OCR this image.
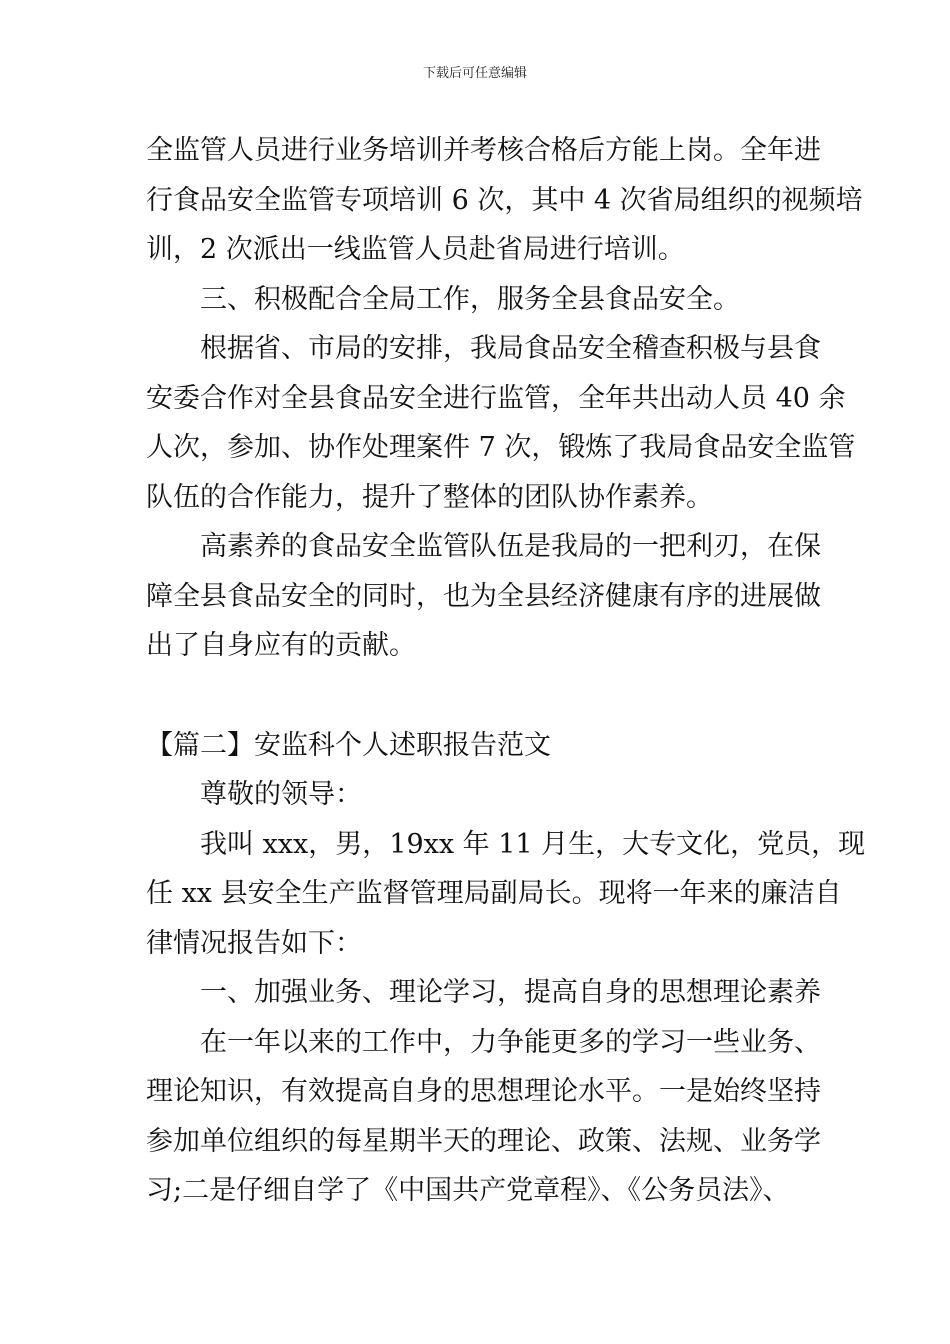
下载后可任意编辑
全监管人员进行业务培训并考核合格后方能上岗。全年进
行食品安全监管专项培训 6 次，其中 4 次省局组织的视频培
训，2 次派出一线监管人员赴省局进行培训。
三、积极配合全局工作，服务全县食品安全。
根据省、市局的安排，我局食品安全稽查积极与县食
安委合作对全县食品安全进行监管，全年共出动人员 40 余
人次，参加、协作处理案件 7 次，锻炼了我局食品安全监管
队伍的合作能力，提升了整体的团队协作素养。
高素养的食品安全监管队伍是我局的一把利刃，在保
障全县食品安全的同时，也为全县经济健康有序的进展做
出了自身应有的贡献。
【篇二】安监科个人述职报告范文
尊敬的领导：
我叫 xxx，男，19xx 年 11 月生，大专文化，党员，现
任 xx 县安全生产监督管理局副局长。现将一年来的廉洁自
律情况报告如下：
一、加强业务、理论学习，提高自身的思想理论素养
在一年以来的工作中，力争能更多的学习一些业务、
理论知识，有效提高自身的思想理论水平。一是始终坚持
参加单位组织的每星期半天的理论、政策、法规、业务学
习;二是仔细自学了《中国共产党章程》、《公务员法》、
